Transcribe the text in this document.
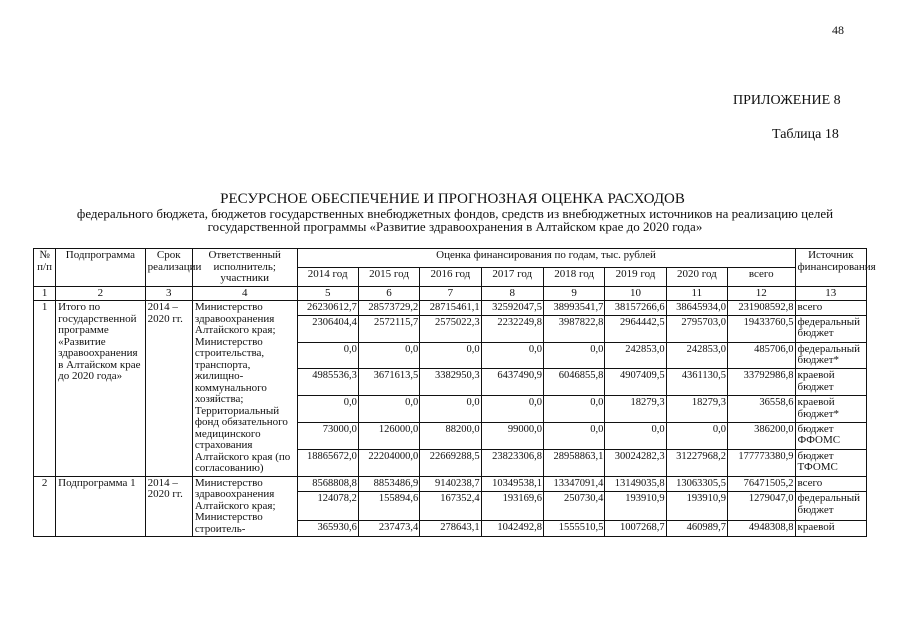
48
ПРИЛОЖЕНИЕ 8
Таблица 18
РЕСУРСНОЕ ОБЕСПЕЧЕНИЕ И ПРОГНОЗНАЯ ОЦЕНКА РАСХОДОВ
федерального бюджета, бюджетов государственных внебюджетных фондов, средств из внебюджетных источников на реализацию целей государственной программы «Развитие здравоохранения в Алтайском крае до 2020 года»
№ п/п	Подпрограмма	Срок реализации	Ответственный исполнитель; участники	Оценка финансирования по годам, тыс. рублей								Источник финансирования
				2014 год	2015 год	2016 год	2017 год	2018 год	2019 год	2020 год	всего	
1	2	3	4	5	6	7	8	9	10	11	12	13
1	Итого по государственной программе «Развитие здравоохранения в Алтайском крае до 2020 года»	2014 – 2020 гг.	Министерство здравоохранения Алтайского края; Министерство строительства, транспорта, жилищно-коммунального хозяйства; Территориальный фонд обязательного медицинского страхования Алтайского края (по согласованию)	26230612,7	28573729,2	28715461,1	32592047,5	38993541,7	38157266,6	38645934,0	231908592,8	всего
				2306404,4	2572115,7	2575022,3	2232249,8	3987822,8	2964442,5	2795703,0	19433760,5	федеральный бюджет
				0,0	0,0	0,0	0,0	0,0	242853,0	242853,0	485706,0	федеральный бюджет*
				4985536,3	3671613,5	3382950,3	6437490,9	6046855,8	4907409,5	4361130,5	33792986,8	краевой бюджет
				0,0	0,0	0,0	0,0	0,0	18279,3	18279,3	36558,6	краевой бюджет*
				73000,0	126000,0	88200,0	99000,0	0,0	0,0	0,0	386200,0	бюджет ФФОМС
				18865672,0	22204000,0	22669288,5	23823306,8	28958863,1	30024282,3	31227968,2	177773380,9	бюджет ТФОМС
2	Подпрограмма 1	2014 – 2020 гг.	Министерство здравоохранения Алтайского края; Министерство строитель-	8568808,8	8853486,9	9140238,7	10349538,1	13347091,4	13149035,8	13063305,5	76471505,2	всего
				124078,2	155894,6	167352,4	193169,6	250730,4	193910,9	193910,9	1279047,0	федеральный бюджет
				365930,6	237473,4	278643,1	1042492,8	1555510,5	1007268,7	460989,7	4948308,8	краевой
